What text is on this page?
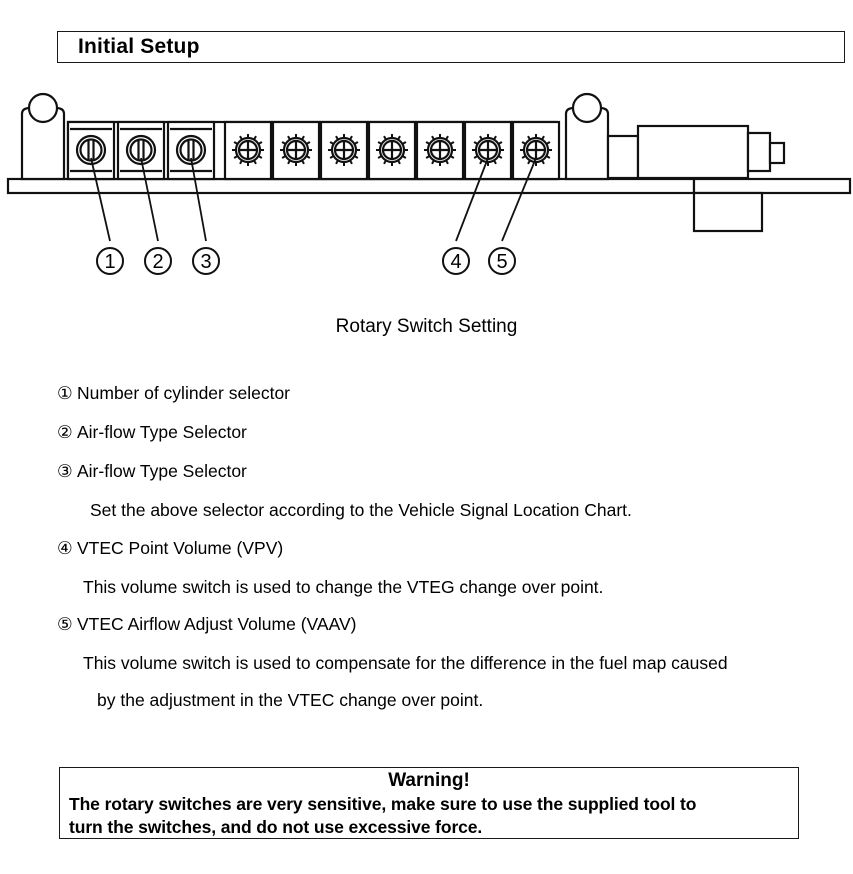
Initial Setup
1 2 3	4 5
Rotary Switch Setting
① Number of cylinder selector
② Air-flow Type Selector
③ Air-flow Type Selector
Set the above selector according to the Vehicle Signal Location Chart.
④ VTEC Point Volume (VPV)
This volume switch is used to change the VTEG change over point.
⑤ VTEC Airflow Adjust Volume (VAAV)
This volume switch is used to compensate for the difference in the fuel map caused
by the adjustment in the VTEC change over point.
Warning!
The rotary switches are very sensitive, make sure to use the supplied tool to
turn the switches, and do not use excessive force.
